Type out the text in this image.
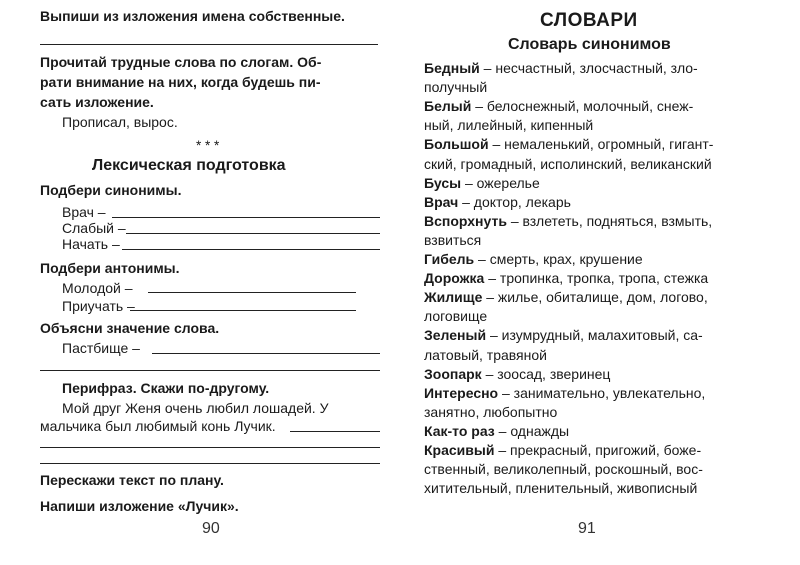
Выпиши из изложения имена собственные.
Прочитай трудные слова по слогам. Об-
рати внимание на них, когда будешь пи-
сать изложение.
Прописал, вырос.
* * *
Лексическая подготовка
Подбери синонимы.
Врач –
Слабый –
Начать –
Подбери антонимы.
Молодой –
Приучать –
Объясни значение слова.
Пастбище –
Перифраз. Скажи по-другому.
Мой друг Женя очень любил лошадей. У
мальчика был любимый конь Лучик.
Перескажи текст по плану.
Напиши изложение «Лучик».
90
СЛОВАРИ
Словарь синонимов
Бедный – несчастный, злосчастный, зло-
получный
Белый – белоснежный, молочный, снеж-
ный, лилейный, кипенный
Большой – немаленький, огромный, гигант-
ский, громадный, исполинский, великанский
Бусы – ожерелье
Врач – доктор, лекарь
Вспорхнуть – взлететь, подняться, взмыть,
взвиться
Гибель – смерть, крах, крушение
Дорожка – тропинка, тропка, тропа, стежка
Жилище – жилье, обиталище, дом, логово,
логовище
Зеленый – изумрудный, малахитовый, са-
латовый, травяной
Зоопарк – зоосад, зверинец
Интересно – занимательно, увлекательно,
занятно, любопытно
Как-то раз – однажды
Красивый – прекрасный, пригожий, боже-
ственный, великолепный, роскошный, вос-
хитительный, пленительный, живописный
91
